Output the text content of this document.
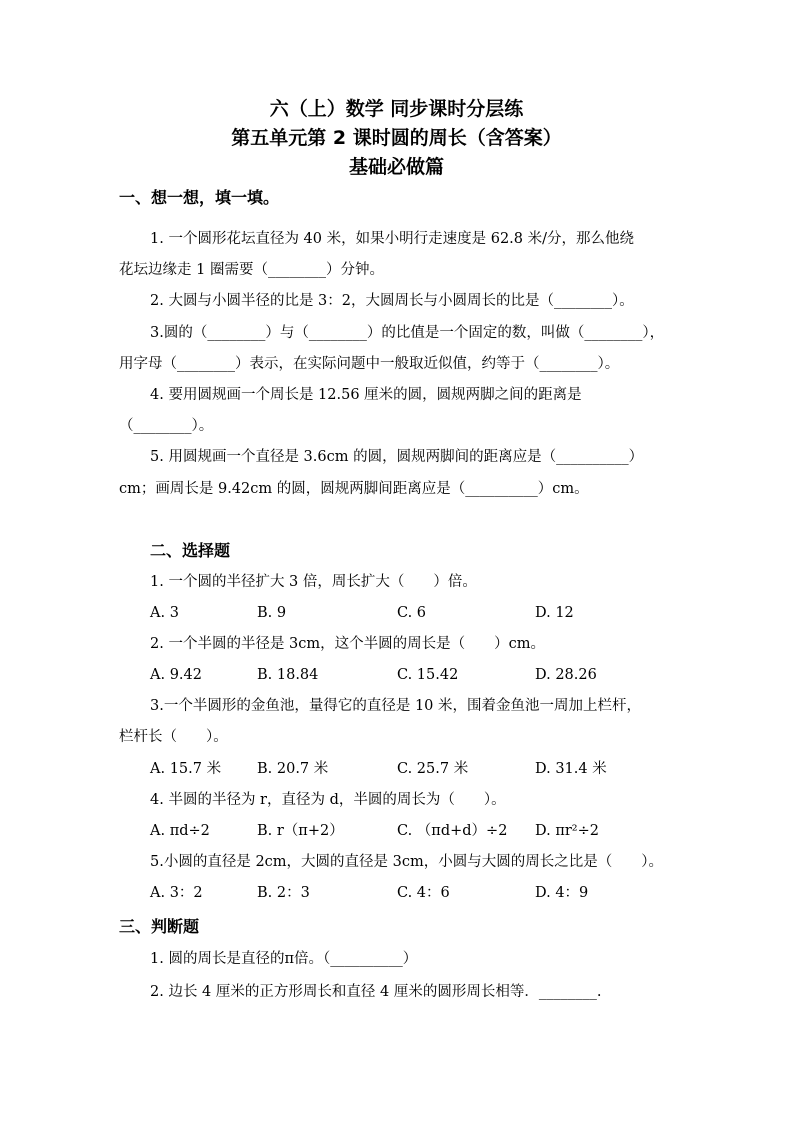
六（上）数学 同步课时分层练
第五单元第 2 课时圆的周长（含答案）
基础必做篇
一、想一想，填一填。
1. 一个圆形花坛直径为 40 米，如果小明行走速度是 62.8 米/分，那么他绕
花坛边缘走 1 圈需要（________）分钟。
2. 大圆与小圆半径的比是 3：2，大圆周长与小圆周长的比是（________）。
3.圆的（________）与（________）的比值是一个固定的数，叫做（________），
用字母（________）表示，在实际问题中一般取近似值，约等于（________）。
4. 要用圆规画一个周长是 12.56 厘米的圆，圆规两脚之间的距离是
（________）。
5. 用圆规画一个直径是 3.6cm 的圆，圆规两脚间的距离应是（__________）
cm；画周长是 9.42cm 的圆，圆规两脚间距离应是（__________）cm。
二、选择题
1. 一个圆的半径扩大 3 倍，周长扩大（　　）倍。
A. 3	B. 9	C. 6	D. 12
2. 一个半圆的半径是 3cm，这个半圆的周长是（　　）cm。
A. 9.42	B. 18.84	C. 15.42	D. 28.26
3.一个半圆形的金鱼池，量得它的直径是 10 米，围着金鱼池一周加上栏杆，
栏杆长（　　）。
A. 15.7 米 B. 20.7 米	C. 25.7 米	D. 31.4 米
4. 半圆的半径为 r，直径为 d，半圆的周长为（　　）。
A. πd÷2	B. r（π+2）	C. （πd+d）÷2 D. πr²÷2
5.小圆的直径是 2cm，大圆的直径是 3cm，小圆与大圆的周长之比是（　　）。
A. 3：2	B. 2：3	C. 4：6	D. 4：9
三、判断题
1. 圆的周长是直径的π倍。（__________）
2. 边长 4 厘米的正方形周长和直径 4 厘米的圆形周长相等．________.
